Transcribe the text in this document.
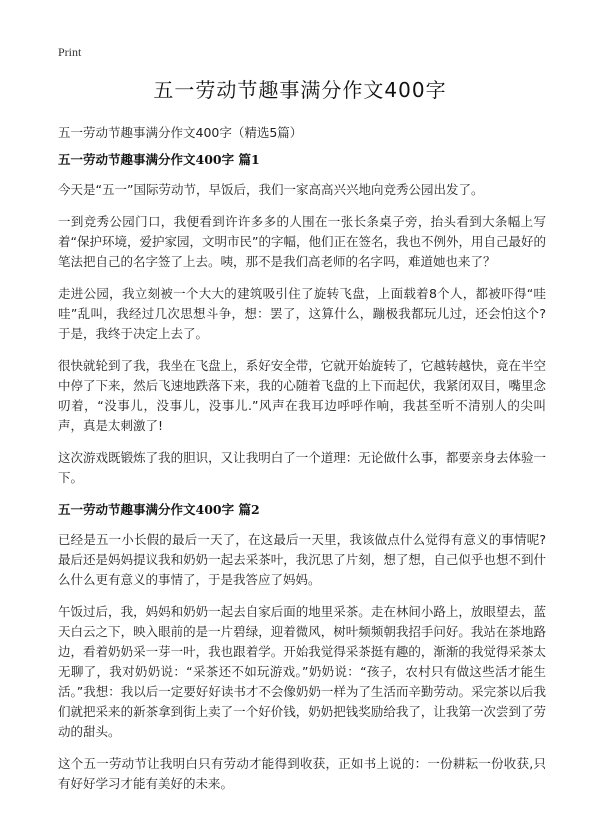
Print
五一劳动节趣事满分作文400字
五一劳动节趣事满分作文400字（精选5篇）
五一劳动节趣事满分作文400字 篇1

今天是“五一”国际劳动节，早饭后，我们一家高高兴兴地向竞秀公园出发了。

一到竞秀公园门口，我便看到许许多多的人围在一张长条桌子旁，抬头看到大条幅上写着“保护环境，爱护家园，文明市民”的字幅，他们正在签名，我也不例外，用自己最好的笔法把自己的名字签了上去。咦，那不是我们高老师的名字吗，难道她也来了？

走进公园，我立刻被一个大大的建筑吸引住了旋转飞盘，上面载着8个人，都被吓得“哇哇”乱叫，我经过几次思想斗争，想：罢了，这算什么，蹦极我都玩儿过，还会怕这个?于是，我终于决定上去了。

很快就轮到了我，我坐在飞盘上，系好安全带，它就开始旋转了，它越转越快，竟在半空中停了下来，然后飞速地跌落下来，我的心随着飞盘的上下而起伏，我紧闭双目，嘴里念叨着，“没事儿，没事儿，没事儿.”风声在我耳边呼呼作响，我甚至听不清别人的尖叫声，真是太刺激了!

这次游戏既锻炼了我的胆识，又让我明白了一个道理：无论做什么事，都要亲身去体验一下。

五一劳动节趣事满分作文400字 篇2

已经是五一小长假的最后一天了，在这最后一天里，我该做点什么觉得有意义的事情呢?最后还是妈妈提议我和奶奶一起去采茶叶，我沉思了片刻，想了想，自己似乎也想不到什么什么更有意义的事情了，于是我答应了妈妈。

午饭过后，我，妈妈和奶奶一起去自家后面的地里采茶。走在林间小路上，放眼望去，蓝天白云之下，映入眼前的是一片碧绿，迎着微风，树叶频频朝我招手问好。我站在茶地路边，看着奶奶采一芽一叶，我也跟着学。开始我觉得采茶挺有趣的，渐渐的我觉得采茶太无聊了，我对奶奶说：“采茶还不如玩游戏。”奶奶说：“孩子，农村只有做这些活才能生活。”我想：我以后一定要好好读书才不会像奶奶一样为了生活而辛勤劳动。采完茶以后我们就把采来的新茶拿到街上卖了一个好价钱，奶奶把钱奖励给我了，让我第一次尝到了劳动的甜头。

这个五一劳动节让我明白只有劳动才能得到收获，正如书上说的：一份耕耘一份收获,只有好好学习才能有美好的未来。
